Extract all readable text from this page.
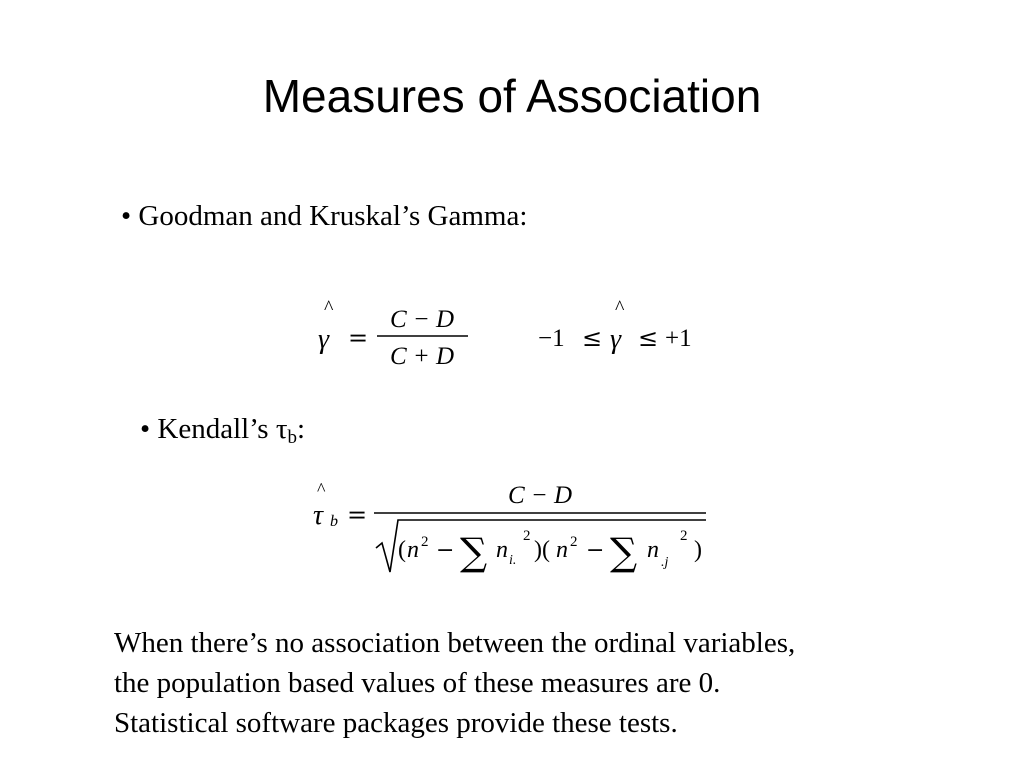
Measures of Association
• Goodman and Kruskal’s Gamma:
^
γ =
C − D
C + D
−1 ≤
^
γ ≤ +1
• Kendall’s $\tau_b$:
^
τ b =
C − D
( n 2 − ∑ n i.
2
)( n 2 − ∑ n .j
2
)
When there’s no association between the ordinal variables,
the population based values of these measures are 0.
Statistical software packages provide these tests.
